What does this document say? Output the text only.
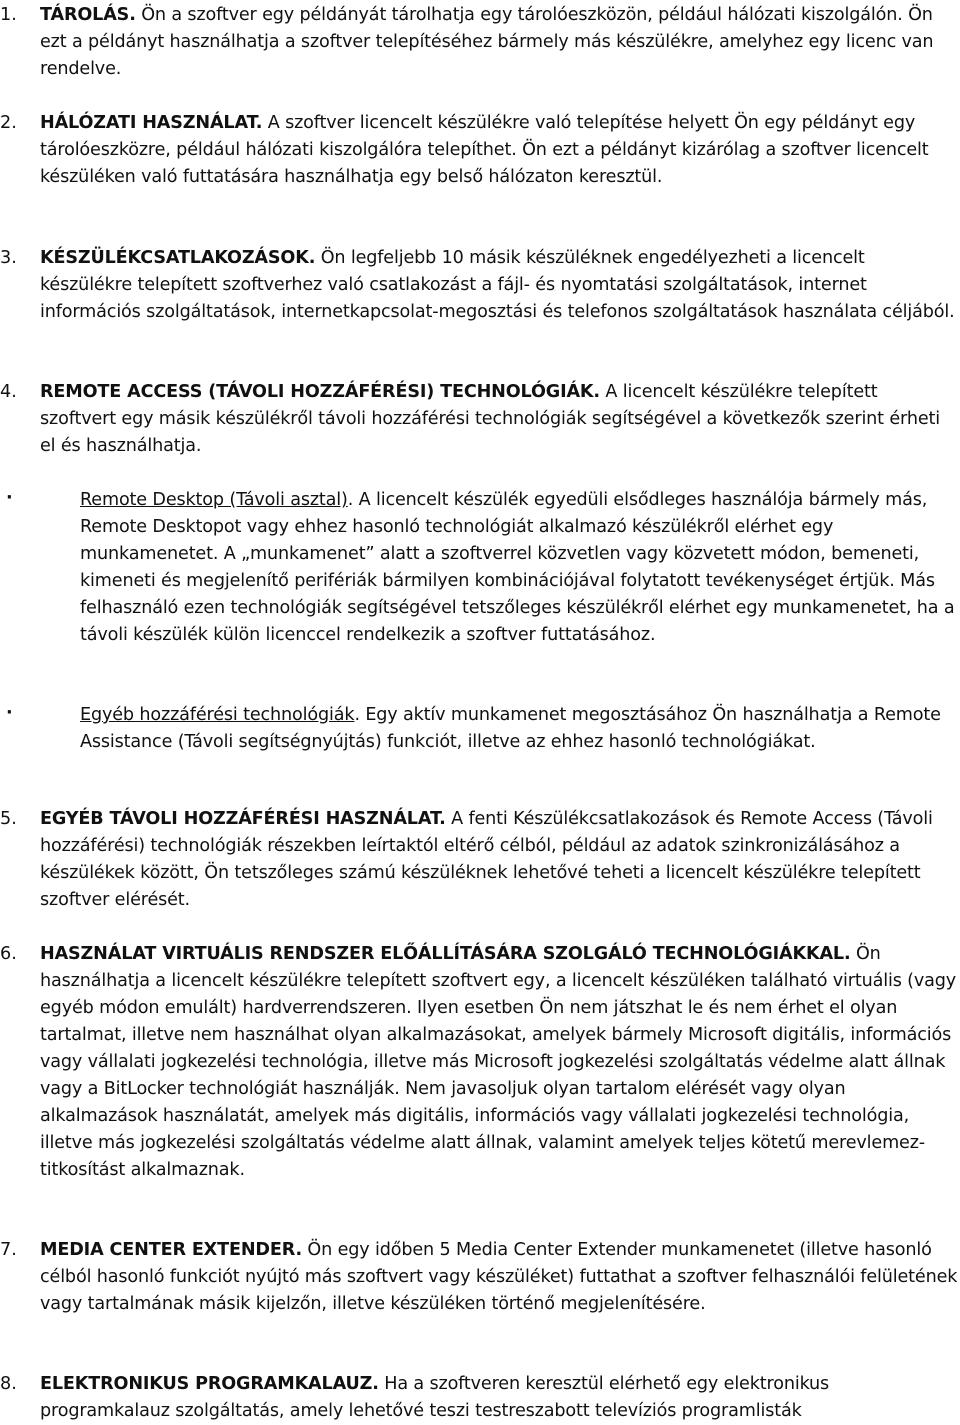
1.	TÁROLÁS. Ön a szoftver egy példányát tárolhatja egy tárolóeszközön, például hálózati kiszolgálón. Ön ezt a példányt használhatja a szoftver telepítéséhez bármely más készülékre, amelyhez egy licenc van rendelve.
2.	HÁLÓZATI HASZNÁLAT. A szoftver licencelt készülékre való telepítése helyett Ön egy példányt egy tárolóeszközre, például hálózati kiszolgálóra telepíthet. Ön ezt a példányt kizárólag a szoftver licencelt készüléken való futtatására használhatja egy belső hálózaton keresztül.
3.	KÉSZÜLÉKCSATLAKOZÁSOK. Ön legfeljebb 10 másik készüléknek engedélyezheti a licencelt készülékre telepített szoftverhez való csatlakozást a fájl- és nyomtatási szolgáltatások, internet információs szolgáltatások, internetkapcsolat-megosztási és telefonos szolgáltatások használata céljából.
4.	REMOTE ACCESS (TÁVOLI HOZZÁFÉRÉSI) TECHNOLÓGIÁK. A licencelt készülékre telepített szoftvert egy másik készülékről távoli hozzáférési technológiák segítségével a következők szerint érheti el és használhatja.
·	Remote Desktop (Távoli asztal). A licencelt készülék egyedüli elsődleges használója bármely más, Remote Desktopot vagy ehhez hasonló technológiát alkalmazó készülékről elérhet egy munkamenetet. A „munkamenet” alatt a szoftverrel közvetlen vagy közvetett módon, bemeneti, kimeneti és megjelenítő perifériák bármilyen kombinációjával folytatott tevékenységet értjük. Más felhasználó ezen technológiák segítségével tetszőleges készülékről elérhet egy munkamenetet, ha a távoli készülék külön licenccel rendelkezik a szoftver futtatásához.
·	Egyéb hozzáférési technológiák. Egy aktív munkamenet megosztásához Ön használhatja a Remote Assistance (Távoli segítségnyújtás) funkciót, illetve az ehhez hasonló technológiákat.
5.	EGYÉB TÁVOLI HOZZÁFÉRÉSI HASZNÁLAT. A fenti Készülékcsatlakozások és Remote Access (Távoli hozzáférési) technológiák részekben leírtaktól eltérő célból, például az adatok szinkronizálásához a készülékek között, Ön tetszőleges számú készüléknek lehetővé teheti a licencelt készülékre telepített szoftver elérését.
6.	HASZNÁLAT VIRTUÁLIS RENDSZER ELŐÁLLÍTÁSÁRA SZOLGÁLÓ TECHNOLÓGIÁKKAL. Ön használhatja a licencelt készülékre telepített szoftvert egy, a licencelt készüléken található virtuális (vagy egyéb módon emulált) hardverrendszeren. Ilyen esetben Ön nem játszhat le és nem érhet el olyan tartalmat, illetve nem használhat olyan alkalmazásokat, amelyek bármely Microsoft digitális, információs vagy vállalati jogkezelési technológia, illetve más Microsoft jogkezelési szolgáltatás védelme alatt állnak vagy a BitLocker technológiát használják. Nem javasoljuk olyan tartalom elérését vagy olyan alkalmazások használatát, amelyek más digitális, információs vagy vállalati jogkezelési technológia, illetve más jogkezelési szolgáltatás védelme alatt állnak, valamint amelyek teljes kötetű merevlemez-titkosítást alkalmaznak.
7.	MEDIA CENTER EXTENDER. Ön egy időben 5 Media Center Extender munkamenetet (illetve hasonló célból hasonló funkciót nyújtó más szoftvert vagy készüléket) futtathat a szoftver felhasználói felületének vagy tartalmának másik kijelzőn, illetve készüléken történő megjelenítésére.
8.	ELEKTRONIKUS PROGRAMKALAUZ. Ha a szoftveren keresztül elérhető egy elektronikus programkalauz szolgáltatás, amely lehetővé teszi testreszabott televíziós programlisták
